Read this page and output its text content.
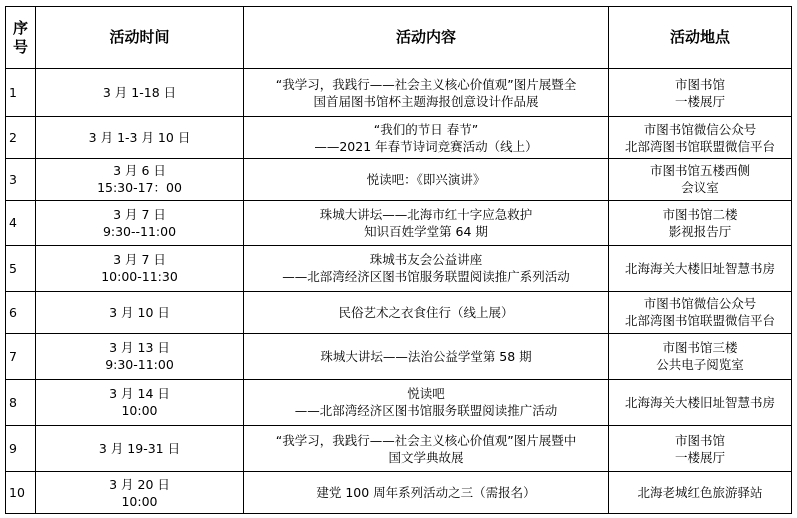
序
号	活动时间	活动内容	活动地点
1	3 月 1-18 日	“我学习，我践行——社会主义核心价值观”图片展暨全
国首届图书馆杯主题海报创意设计作品展	市图书馆
一楼展厅

2	3 月 1-3 月 10 日	“我们的节日 春节”
——2021 年春节诗词竞赛活动（线上）	市图书馆微信公众号
北部湾图书馆联盟微信平台

3	3 月 6 日
15:30-17：00	悦读吧：《即兴演讲》	市图书馆五楼西侧
会议室

4	3 月 7 日
9:30--11:00	珠城大讲坛——北海市红十字应急救护
知识百姓学堂第 64 期	市图书馆二楼
影视报告厅

5	3 月 7 日
10:00-11:30	珠城书友会公益讲座
——北部湾经济区图书馆服务联盟阅读推广系列活动	北海海关大楼旧址智慧书房

6	3 月 10 日	民俗艺术之衣食住行（线上展）	市图书馆微信公众号
北部湾图书馆联盟微信平台

7	3 月 13 日
9:30-11:00	珠城大讲坛——法治公益学堂第 58 期	市图书馆三楼
公共电子阅览室

8	3 月 14 日
10:00	悦读吧
——北部湾经济区图书馆服务联盟阅读推广活动	北海海关大楼旧址智慧书房

9	3 月 19-31 日	“我学习，我践行——社会主义核心价值观”图片展暨中
国文学典故展	市图书馆
一楼展厅

10	3 月 20 日
10:00	建党 100 周年系列活动之三（需报名）	北海老城红色旅游驿站
